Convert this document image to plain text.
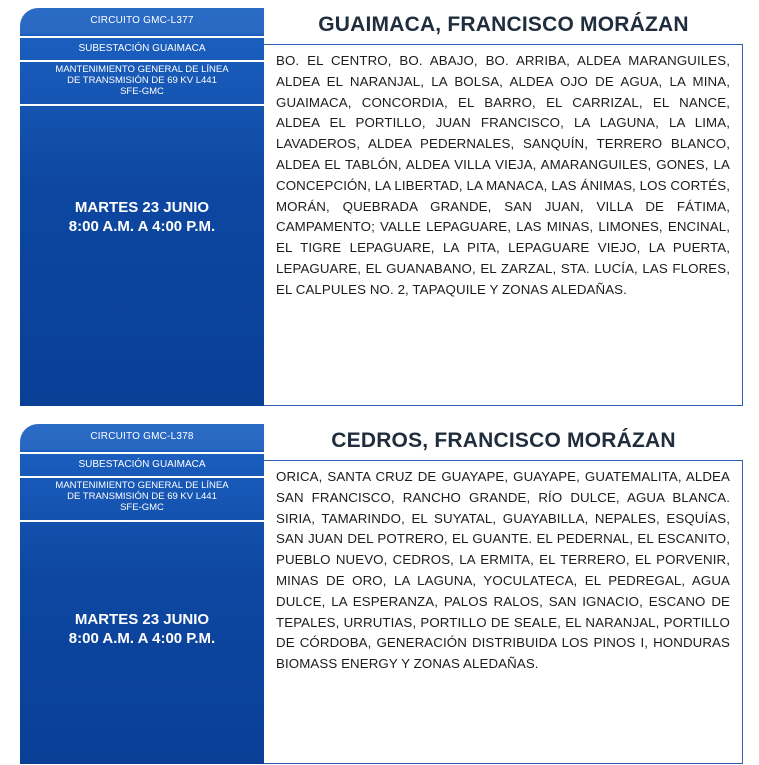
CIRCUITO GMC-L377
SUBESTACIÓN GUAIMACA
MANTENIMIENTO GENERAL DE LÍNEA
DE TRANSMISIÓN DE 69 KV L441
SFE-GMC
MARTES 23 JUNIO
8:00 A.M. A 4:00 P.M.
GUAIMACA, FRANCISCO MORÁZAN
BO. EL CENTRO, BO. ABAJO, BO. ARRIBA, ALDEA MARANGUILES, ALDEA EL NARANJAL, LA BOLSA, ALDEA OJO DE AGUA, LA MINA, GUAIMACA, CONCORDIA, EL BARRO, EL CARRIZAL, EL NANCE, ALDEA EL PORTILLO, JUAN FRANCISCO, LA LAGUNA, LA LIMA, LAVADEROS, ALDEA PEDERNALES, SANQUÍN, TERRERO BLANCO, ALDEA EL TABLÓN, ALDEA VILLA VIEJA, AMARANGUILES, GONES, LA CONCEPCIÓN, LA LIBERTAD, LA MANACA, LAS ÁNIMAS, LOS CORTÉS, MORÁN, QUEBRADA GRANDE, SAN JUAN, VILLA DE FÁTIMA, CAMPAMENTO; VALLE LEPAGUARE, LAS MINAS, LIMONES, ENCINAL, EL TIGRE LEPAGUARE, LA PITA, LEPAGUARE VIEJO, LA PUERTA, LEPAGUARE, EL GUANABANO, EL ZARZAL, STA. LUCÍA, LAS FLORES, EL CALPULES NO. 2, TAPAQUILE Y ZONAS ALEDAÑAS.
CIRCUITO GMC-L378
SUBESTACIÓN GUAIMACA
MANTENIMIENTO GENERAL DE LÍNEA
DE TRANSMISIÓN DE 69 KV L441
SFE-GMC
MARTES 23 JUNIO
8:00 A.M. A 4:00 P.M.
CEDROS, FRANCISCO MORÁZAN
ORICA, SANTA CRUZ DE GUAYAPE, GUAYAPE, GUATEMALITA, ALDEA SAN FRANCISCO, RANCHO GRANDE, RÍO DULCE, AGUA BLANCA. SIRIA, TAMARINDO, EL SUYATAL, GUAYABILLA, NEPALES, ESQUÍAS, SAN JUAN DEL POTRERO, EL GUANTE. EL PEDERNAL, EL ESCANITO, PUEBLO NUEVO, CEDROS, LA ERMITA, EL TERRERO, EL PORVENIR, MINAS DE ORO, LA LAGUNA, YOCULATECA, EL PEDREGAL, AGUA DULCE, LA ESPERANZA, PALOS RALOS, SAN IGNACIO, ESCANO DE TEPALES, URRUTIAS, PORTILLO DE SEALE, EL NARANJAL, PORTILLO DE CÓRDOBA, GENERACIÓN DISTRIBUIDA LOS PINOS I, HONDURAS BIOMASS ENERGY Y ZONAS ALEDAÑAS.
